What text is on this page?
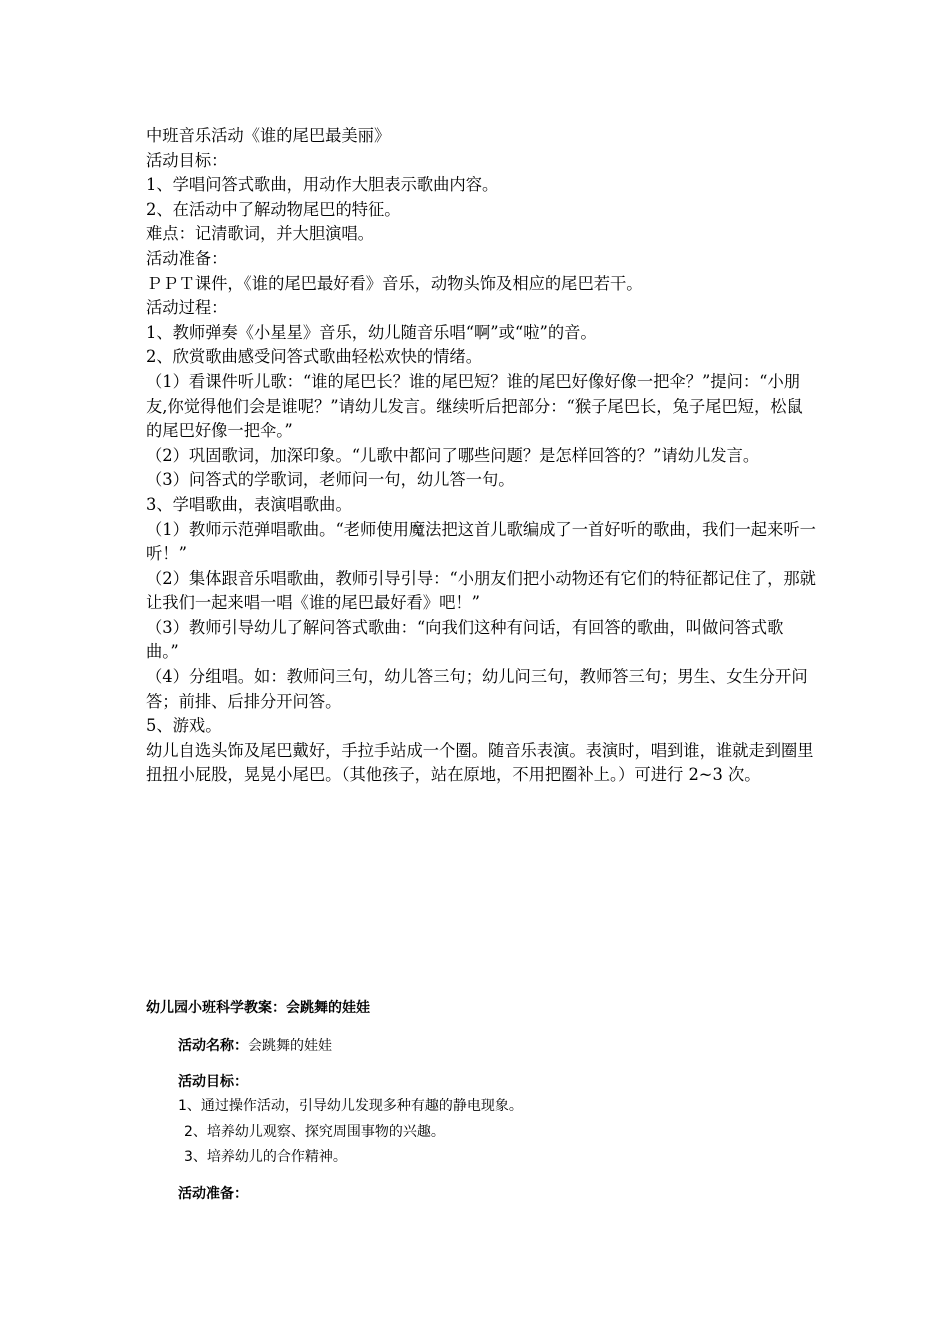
中班音乐活动《谁的尾巴最美丽》

活动目标：

1、学唱问答式歌曲，用动作大胆表示歌曲内容。

2、在活动中了解动物尾巴的特征。

难点：记清歌词，并大胆演唱。

活动准备：

ＰＰＴ课件，《谁的尾巴最好看》音乐，动物头饰及相应的尾巴若干。

活动过程：

1、教师弹奏《小星星》音乐，幼儿随音乐唱“啊”或“啦”的音。

2、欣赏歌曲感受问答式歌曲轻松欢快的情绪。

（1）看课件听儿歌：“谁的尾巴长？谁的尾巴短？谁的尾巴好像好像一把伞？”提问：“小朋友,你觉得他们会是谁呢？”请幼儿发言。继续听后把部分：“猴子尾巴长，兔子尾巴短，松鼠的尾巴好像一把伞。”

（2）巩固歌词，加深印象。“儿歌中都问了哪些问题？是怎样回答的？”请幼儿发言。

（3）问答式的学歌词，老师问一句，幼儿答一句。

3、学唱歌曲，表演唱歌曲。

（1）教师示范弹唱歌曲。“老师使用魔法把这首儿歌编成了一首好听的歌曲，我们一起来听一听！”

（2）集体跟音乐唱歌曲，教师引导引导：“小朋友们把小动物还有它们的特征都记住了，那就让我们一起来唱一唱《谁的尾巴最好看》吧！”

（3）教师引导幼儿了解问答式歌曲：“向我们这种有问话，有回答的歌曲，叫做问答式歌曲。”

（4）分组唱。如：教师问三句，幼儿答三句；幼儿问三句，教师答三句；男生、女生分开问答；前排、后排分开问答。

5、游戏。

幼儿自选头饰及尾巴戴好，手拉手站成一个圈。随音乐表演。表演时，唱到谁，谁就走到圈里扭扭小屁股，晃晃小尾巴。（其他孩子，站在原地，不用把圈补上。）可进行 2~3 次。

幼儿园小班科学教案：会跳舞的娃娃
活动名称：会跳舞的娃娃
活动目标：
1、通过操作活动，引导幼儿发现多种有趣的静电现象。
2、培养幼儿观察、探究周围事物的兴趣。
3、培养幼儿的合作精神。
活动准备：
